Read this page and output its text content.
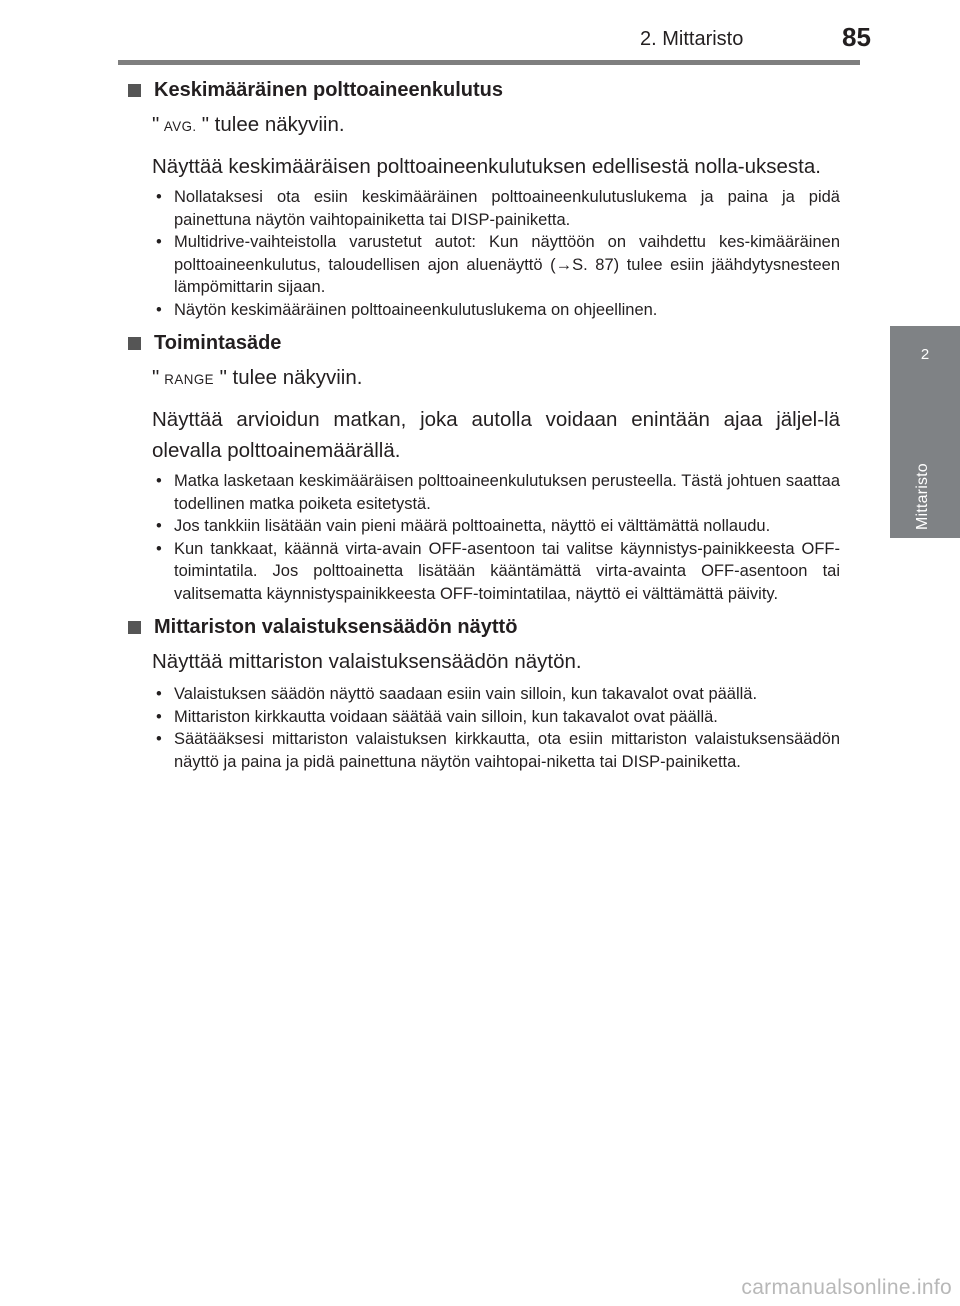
2. Mittaristo	85
2
Mittaristo
Keskimääräinen polttoaineenkulutus
" AVG. " tulee näkyviin.
Näyttää keskimääräisen polttoaineenkulutuksen edellisestä nolla-uksesta.
• Nollataksesi ota esiin keskimääräinen polttoaineenkulutuslukema ja paina ja pidä painettuna näytön vaihtopainiketta tai DISP-painiketta.
• Multidrive-vaihteistolla varustetut autot: Kun näyttöön on vaihdettu kes-kimääräinen polttoaineenkulutus, taloudellisen ajon aluenäyttö (→S. 87) tulee esiin jäähdytysnesteen lämpömittarin sijaan.
• Näytön keskimääräinen polttoaineenkulutuslukema on ohjeellinen.
Toimintasäde
" RANGE " tulee näkyviin.
Näyttää arvioidun matkan, joka autolla voidaan enintään ajaa jäljel-lä olevalla polttoainemäärällä.
• Matka lasketaan keskimääräisen polttoaineenkulutuksen perusteella. Tästä johtuen saattaa todellinen matka poiketa esitetystä.
• Jos tankkiin lisätään vain pieni määrä polttoainetta, näyttö ei välttämättä nollaudu.
• Kun tankkaat, käännä virta-avain OFF-asentoon tai valitse käynnistys-painikkeesta OFF-toimintatila. Jos polttoainetta lisätään kääntämättä virta-avainta OFF-asentoon tai valitsematta käynnistyspainikkeesta OFF-toimintatilaa, näyttö ei välttämättä päivity.
Mittariston valaistuksensäädön näyttö
Näyttää mittariston valaistuksensäädön näytön.
• Valaistuksen säädön näyttö saadaan esiin vain silloin, kun takavalot ovat päällä.
• Mittariston kirkkautta voidaan säätää vain silloin, kun takavalot ovat päällä.
• Säätääksesi mittariston valaistuksen kirkkautta, ota esiin mittariston valaistuksensäädön näyttö ja paina ja pidä painettuna näytön vaihtopai-niketta tai DISP-painiketta.
carmanualsonline.info
